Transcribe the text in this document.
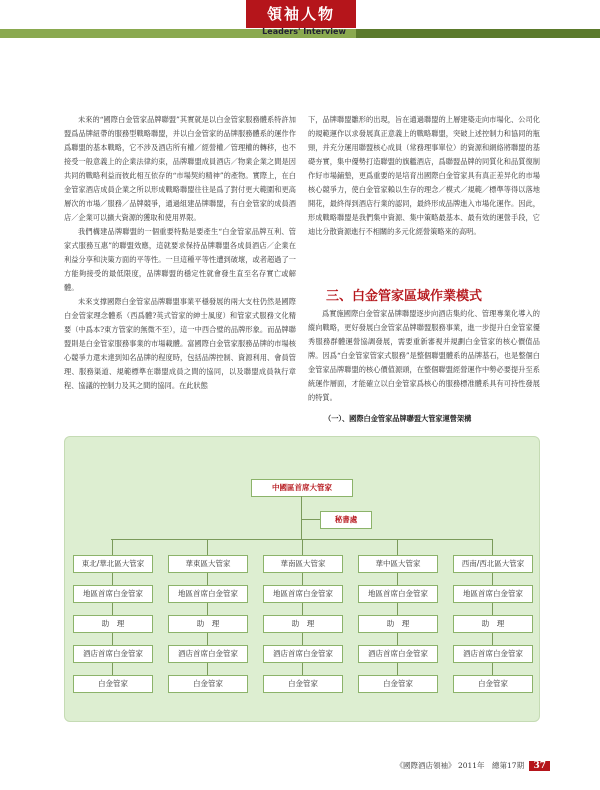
領袖人物
Leaders' Interview

未來的“國際白金管家品牌聯盟”其實就是以白金管家服務體系特許加盟爲品牌紐帶的服務型戰略聯盟，并以白金管家的品牌服務體系的運作作爲聯盟的基本戰略，它不涉及酒店所有權／經營權／管理權的轉移，也不接受一般意義上的企業法律約束，品牌聯盟成員酒店／物業企業之間是因共同的戰略利益而彼此相互依存的“市場契約精神”的產物。實際上，在白金管家酒店成員企業之所以形成戰略聯盟往往是爲了對付更大範圍和更高層次的市場／服務／品牌競爭，通過組建品牌聯盟，有白金管家的成員酒店／企業可以擴大資源的獲取和使用界限。

我們構建品牌聯盟的一個重要特點是要產生“白金管家品牌互利、管家式服務互惠”的聯盟效應，這就要求保持品牌聯盟各成員酒店／企業在利益分享和決策方面的平等性。一旦這種平等性遭到破壞，或者超過了一方能夠接受的最低限度，品牌聯盟的穩定性就會發生直至名存實亡或解體。

未來支撑國際白金管家品牌聯盟事業平穩發展的兩大支柱仍然是國際白金管家理念體系（西爲體?英式管家的紳士風度）和管家式服務文化精要（中爲本?東方管家的無微不至），這一中西合璧的品牌形象。而品牌聯盟則是白金管家服務事業的市場載體。富國際白金管家服務品牌的市場核心競爭力還未達到知名品牌的程度時，包括品牌控制、資源利用、會員管理、服務渠道、規範標準在聯盟成員之間的協同，以及聯盟成員執行章程、協議的控制力及其之間的協同。在此狀態

下，品牌聯盟雛形的出現，旨在通過聯盟的上層建築走向市場化、公司化的規範運作以求發展真正意義上的戰略聯盟，突破上述控制力和協同的瓶頸，并充分運用聯盟核心成員（常務理事單位）的資源和網絡將聯盟的基礎夯實，集中優勢打造聯盟的旗艦酒店，爲聯盟品牌的同質化和品質復制作好市場鋪墊，更爲重要的是培育出國際白金管家具有真正差异化的市場核心競爭力，使白金管家賴以生存的理念／模式／規範／標準等得以落地開花，最終得到酒店行業的認同，最終形成品牌進入市場化運作。因此，形成戰略聯盟是我們集中資源、集中策略最基本、最有效的運營手段，它迪比分散資源進行不相關的多元化經營策略來的高明。

三、白金管家區域作業模式

爲實施國際白金管家品牌聯盟逐步向酒店集約化、管理專業化導入的縱向戰略，更好發展白金管家品牌聯盟服務事業，進一步提升白金管家優秀服務群體運營協調發展，需要重新審視并規劃白金管家的核心價值品牌。因爲“白金管家管家式服務”是整個聯盟體系的品牌基石，也是整個白金管家品牌聯盟的核心價值源頭，在整個聯盟經營運作中勢必要提升至系統運作層面，才能確立以白金管家爲核心的服務標准體系具有可持性發展的特質。

（一）、國際白金管家品牌聯盟大管家運營架構
中國區首席大管家
秘書處
東北/華北區大管家
地區首席白金管家
助　理
酒店首席白金管家
白金管家
華東區大管家
地區首席白金管家
助　理
酒店首席白金管家
白金管家
華南區大管家
地區首席白金管家
助　理
酒店首席白金管家
白金管家
華中區大管家
地區首席白金管家
助　理
酒店首席白金管家
白金管家
西南/西北區大管家
地區首席白金管家
助　理
酒店首席白金管家
白金管家
《國際酒店領袖》 2011年　總第17期 37
